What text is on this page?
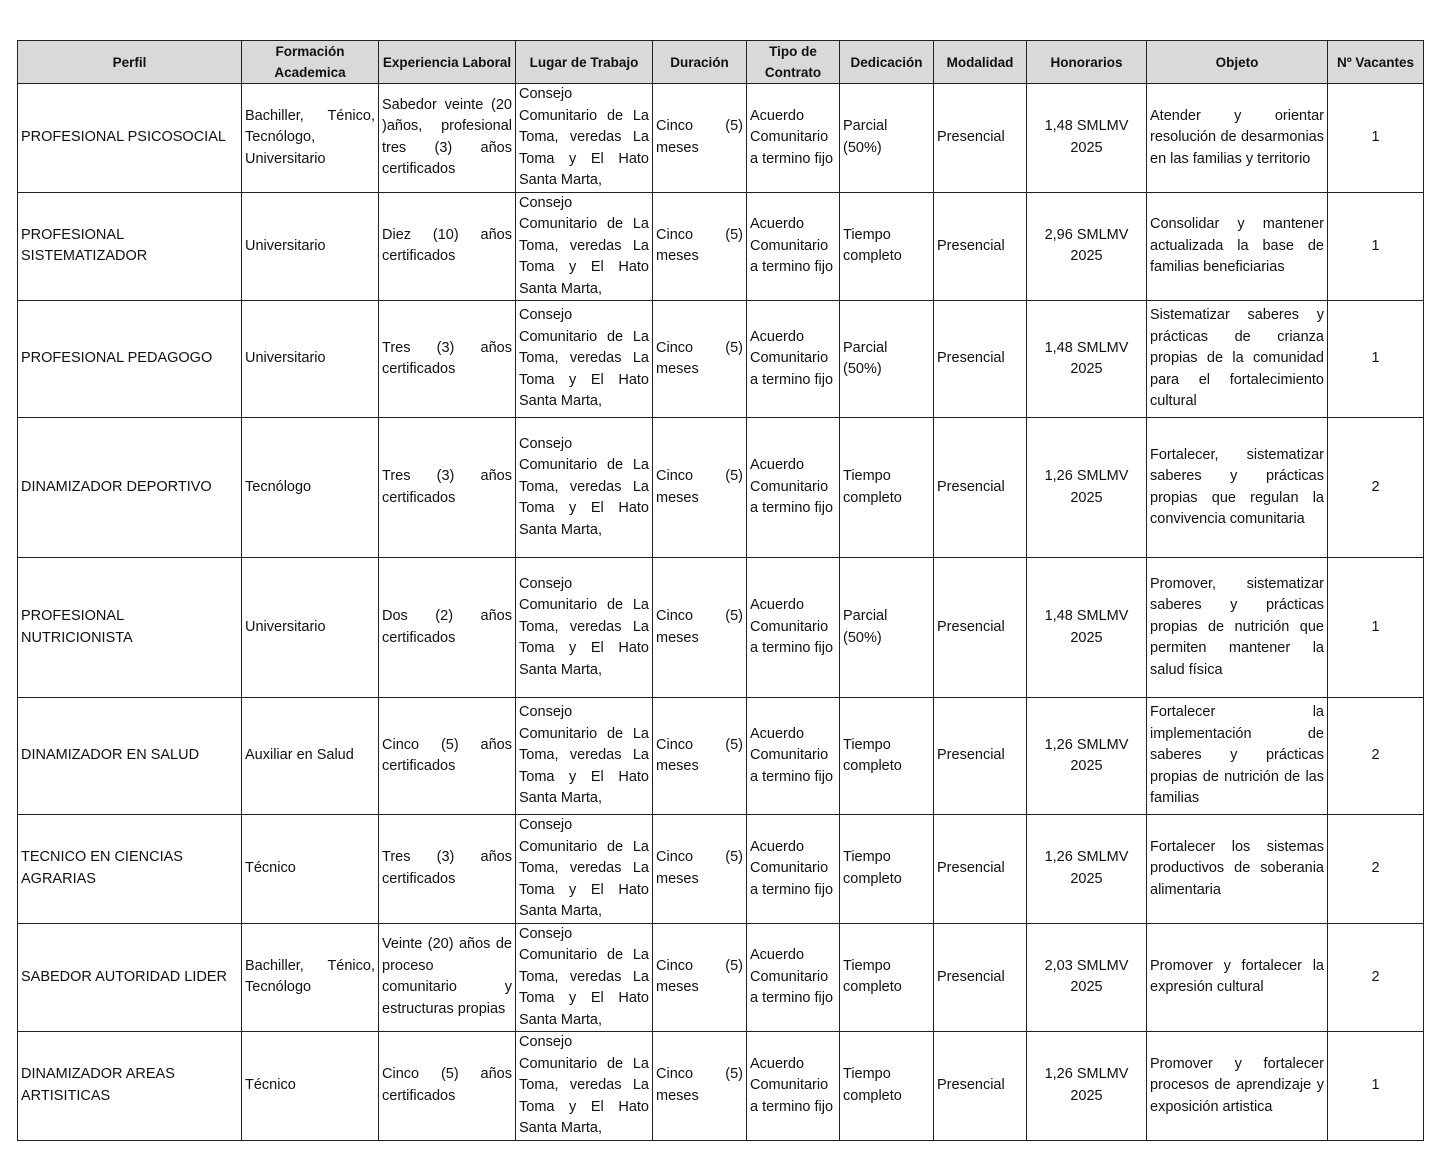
Perfil	Formación Academica	Experiencia Laboral	Lugar de Trabajo	Duración	Tipo de Contrato	Dedicación	Modalidad	Honorarios	Objeto	Nº Vacantes
PROFESIONAL PSICOSOCIAL	Bachiller, Ténico, Tecnólogo, Universitario	Sabedor veinte (20 )años, profesional tres (3) años certificados	Consejo Comunitario de La Toma, veredas La Toma y El Hato Santa Marta,	Cinco (5) meses	Acuerdo Comunitario a termino fijo	Parcial (50%)	Presencial	1,48 SMLMV 2025	Atender y orientar resolución de desarmonias en las familias y territorio	1
PROFESIONAL SISTEMATIZADOR	Universitario	Diez (10) años certificados	Consejo Comunitario de La Toma, veredas La Toma y El Hato Santa Marta,	Cinco (5) meses	Acuerdo Comunitario a termino fijo	Tiempo completo	Presencial	2,96 SMLMV 2025	Consolidar y mantener actualizada la base de familias beneficiarias	1
PROFESIONAL PEDAGOGO	Universitario	Tres (3) años certificados	Consejo Comunitario de La Toma, veredas La Toma y El Hato Santa Marta,	Cinco (5) meses	Acuerdo Comunitario a termino fijo	Parcial (50%)	Presencial	1,48 SMLMV 2025	Sistematizar saberes y prácticas de crianza propias de la comunidad para el fortalecimiento cultural	1
DINAMIZADOR DEPORTIVO	Tecnólogo	Tres (3) años certificados	Consejo Comunitario de La Toma, veredas La Toma y El Hato Santa Marta,	Cinco (5) meses	Acuerdo Comunitario a termino fijo	Tiempo completo	Presencial	1,26 SMLMV 2025	Fortalecer, sistematizar saberes y prácticas propias que regulan la convivencia comunitaria	2
PROFESIONAL NUTRICIONISTA	Universitario	Dos (2) años certificados	Consejo Comunitario de La Toma, veredas La Toma y El Hato Santa Marta,	Cinco (5) meses	Acuerdo Comunitario a termino fijo	Parcial (50%)	Presencial	1,48 SMLMV 2025	Promover, sistematizar saberes y prácticas propias de nutrición que permiten mantener la salud física	1
DINAMIZADOR EN SALUD	Auxiliar en Salud	Cinco (5) años certificados	Consejo Comunitario de La Toma, veredas La Toma y El Hato Santa Marta,	Cinco (5) meses	Acuerdo Comunitario a termino fijo	Tiempo completo	Presencial	1,26 SMLMV 2025	Fortalecer la implementación de saberes y prácticas propias de nutrición de las familias	2
TECNICO EN CIENCIAS AGRARIAS	Técnico	Tres (3) años certificados	Consejo Comunitario de La Toma, veredas La Toma y El Hato Santa Marta,	Cinco (5) meses	Acuerdo Comunitario a termino fijo	Tiempo completo	Presencial	1,26 SMLMV 2025	Fortalecer los sistemas productivos de soberania alimentaria	2
SABEDOR AUTORIDAD LIDER	Bachiller, Ténico, Tecnólogo	Veinte (20) años de proceso comunitario y estructuras propias	Consejo Comunitario de La Toma, veredas La Toma y El Hato Santa Marta,	Cinco (5) meses	Acuerdo Comunitario a termino fijo	Tiempo completo	Presencial	2,03 SMLMV 2025	Promover y fortalecer la expresión cultural	2
DINAMIZADOR AREAS ARTISITICAS	Técnico	Cinco (5) años certificados	Consejo Comunitario de La Toma, veredas La Toma y El Hato Santa Marta,	Cinco (5) meses	Acuerdo Comunitario a termino fijo	Tiempo completo	Presencial	1,26 SMLMV 2025	Promover y fortalecer procesos de aprendizaje y exposición artistica	1
